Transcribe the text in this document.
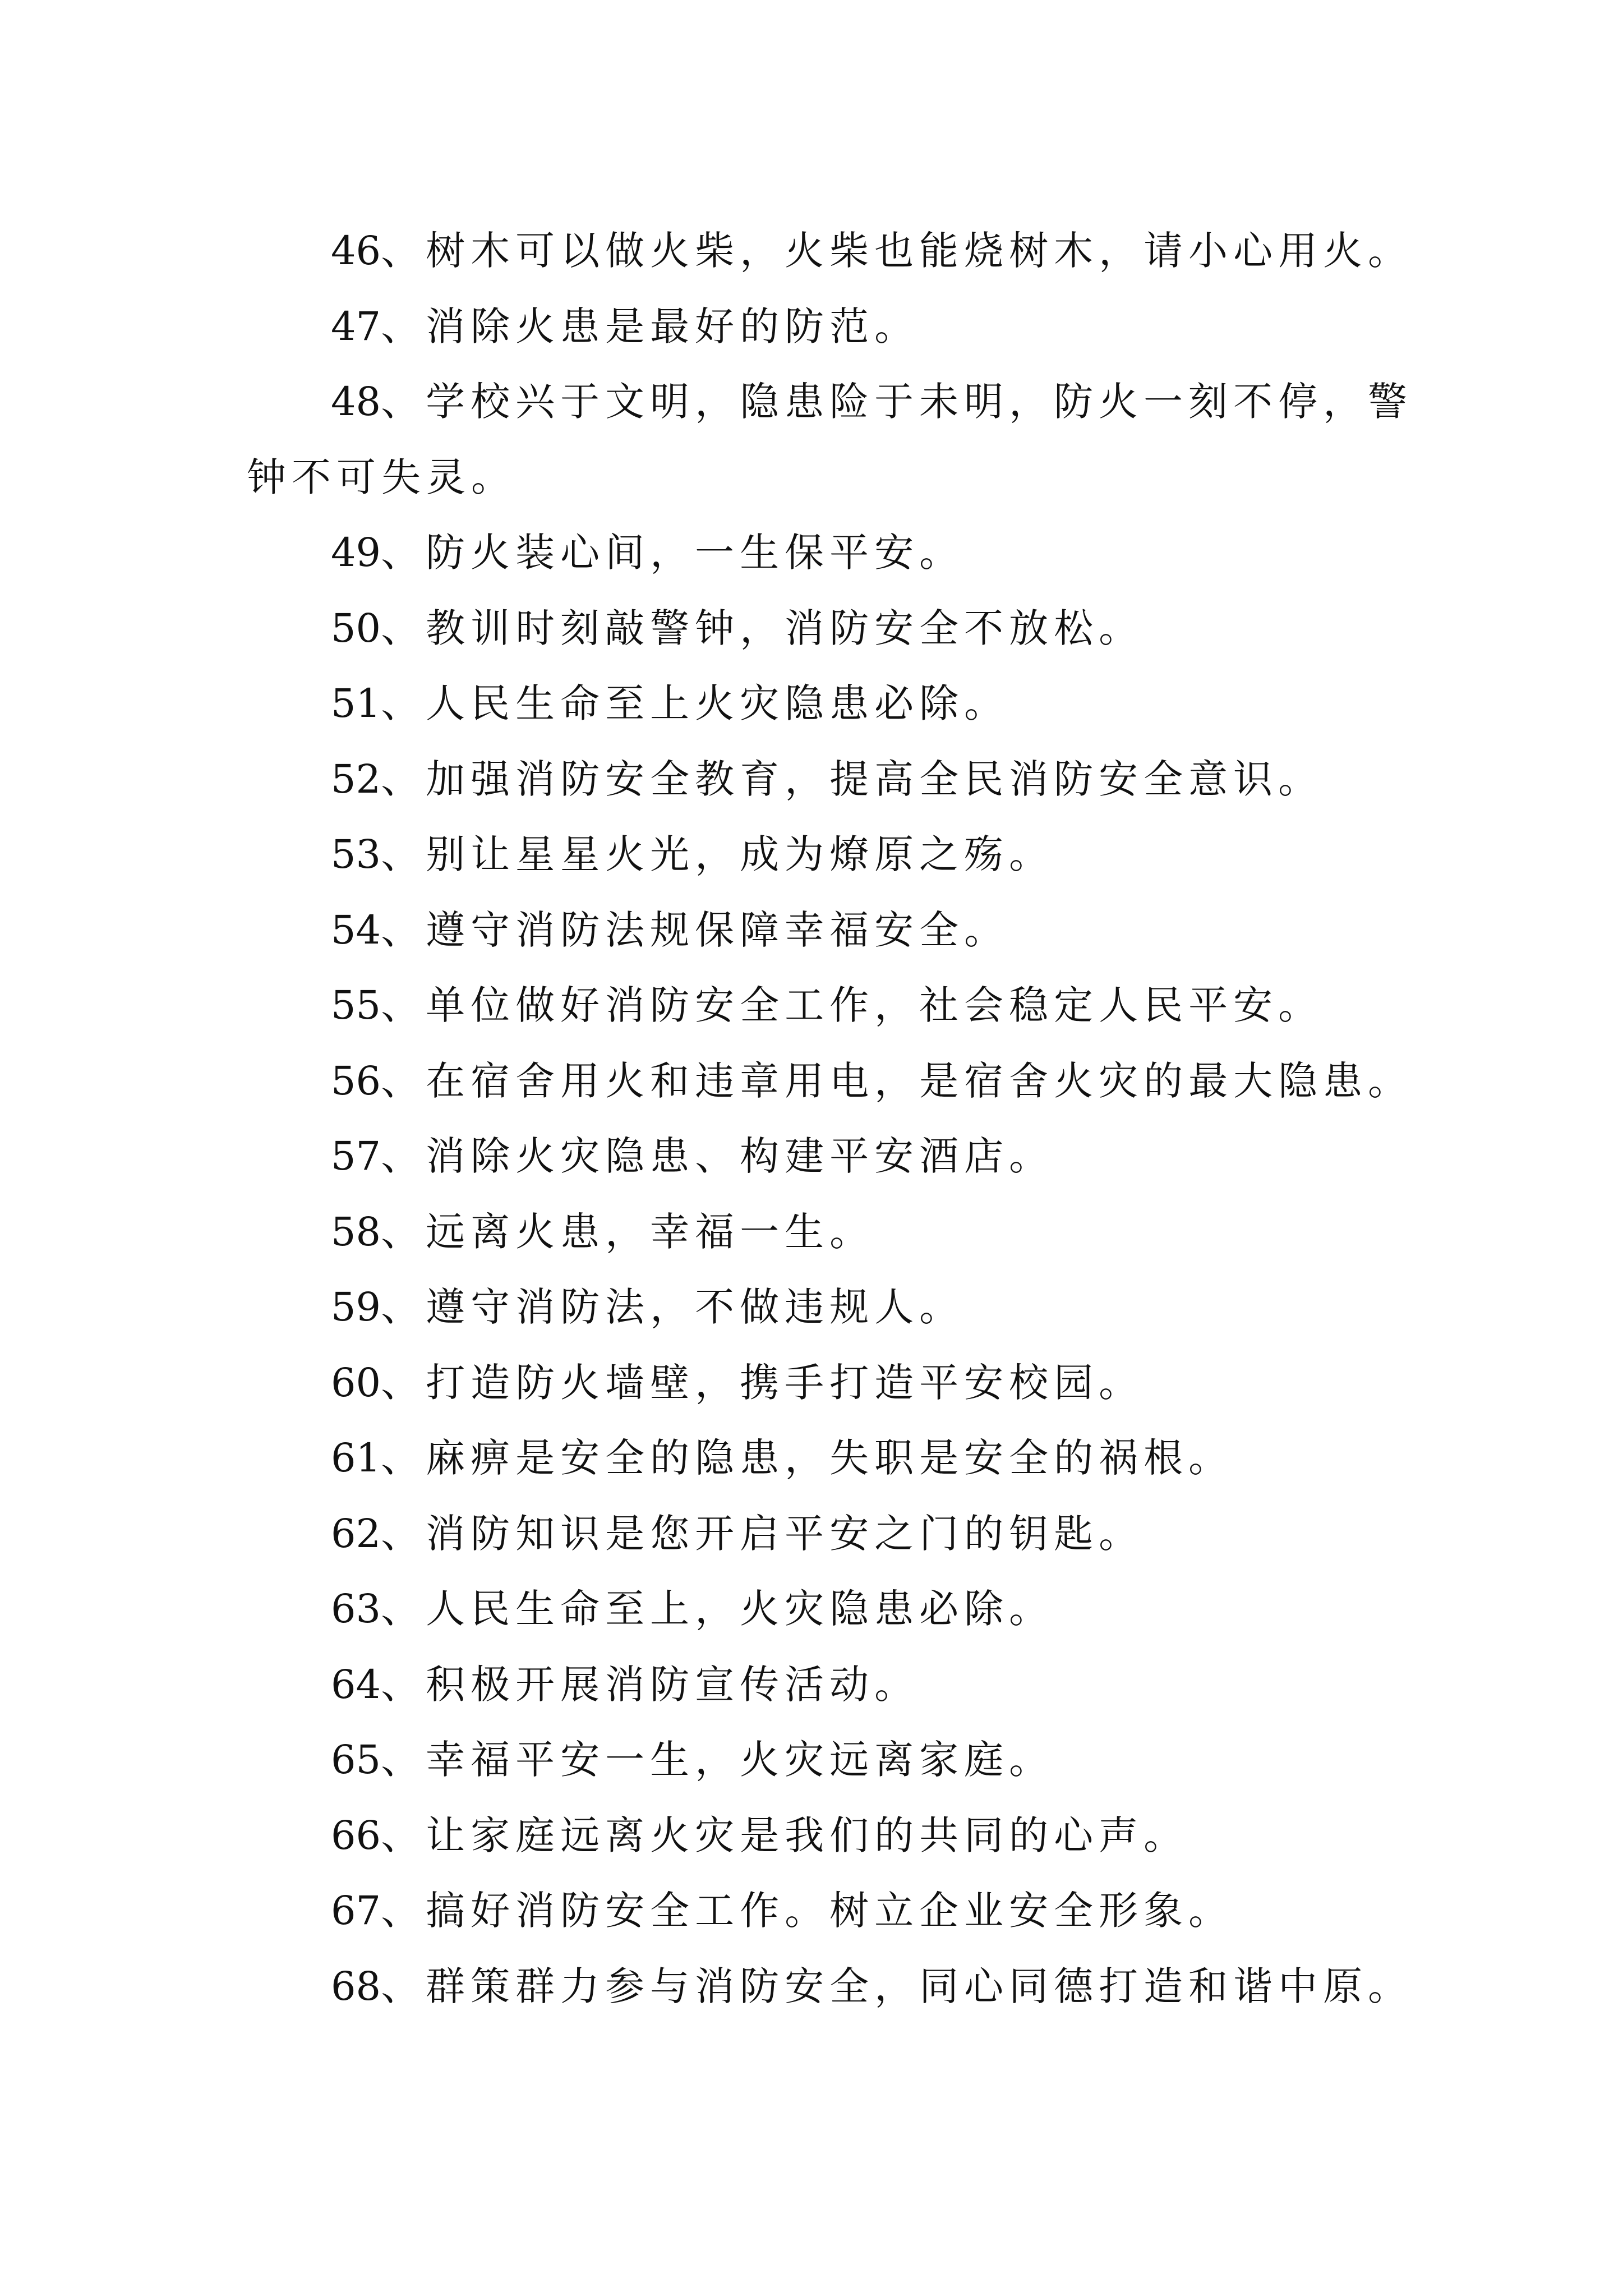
46、树木可以做火柴，火柴也能烧树木，请小心用火。

47、消除火患是最好的防范。

48、学校兴于文明，隐患险于未明，防火一刻不停，警

钟不可失灵。

49、防火装心间，一生保平安。

50、教训时刻敲警钟，消防安全不放松。

51、人民生命至上火灾隐患必除。

52、加强消防安全教育，提高全民消防安全意识。

53、别让星星火光，成为燎原之殇。

54、遵守消防法规保障幸福安全。

55、单位做好消防安全工作，社会稳定人民平安。

56、在宿舍用火和违章用电，是宿舍火灾的最大隐患。

57、消除火灾隐患、构建平安酒店。

58、远离火患，幸福一生。

59、遵守消防法，不做违规人。

60、打造防火墙壁，携手打造平安校园。

61、麻痹是安全的隐患，失职是安全的祸根。

62、消防知识是您开启平安之门的钥匙。

63、人民生命至上，火灾隐患必除。

64、积极开展消防宣传活动。

65、幸福平安一生，火灾远离家庭。

66、让家庭远离火灾是我们的共同的心声。

67、搞好消防安全工作。树立企业安全形象。

68、群策群力参与消防安全，同心同德打造和谐中原。
